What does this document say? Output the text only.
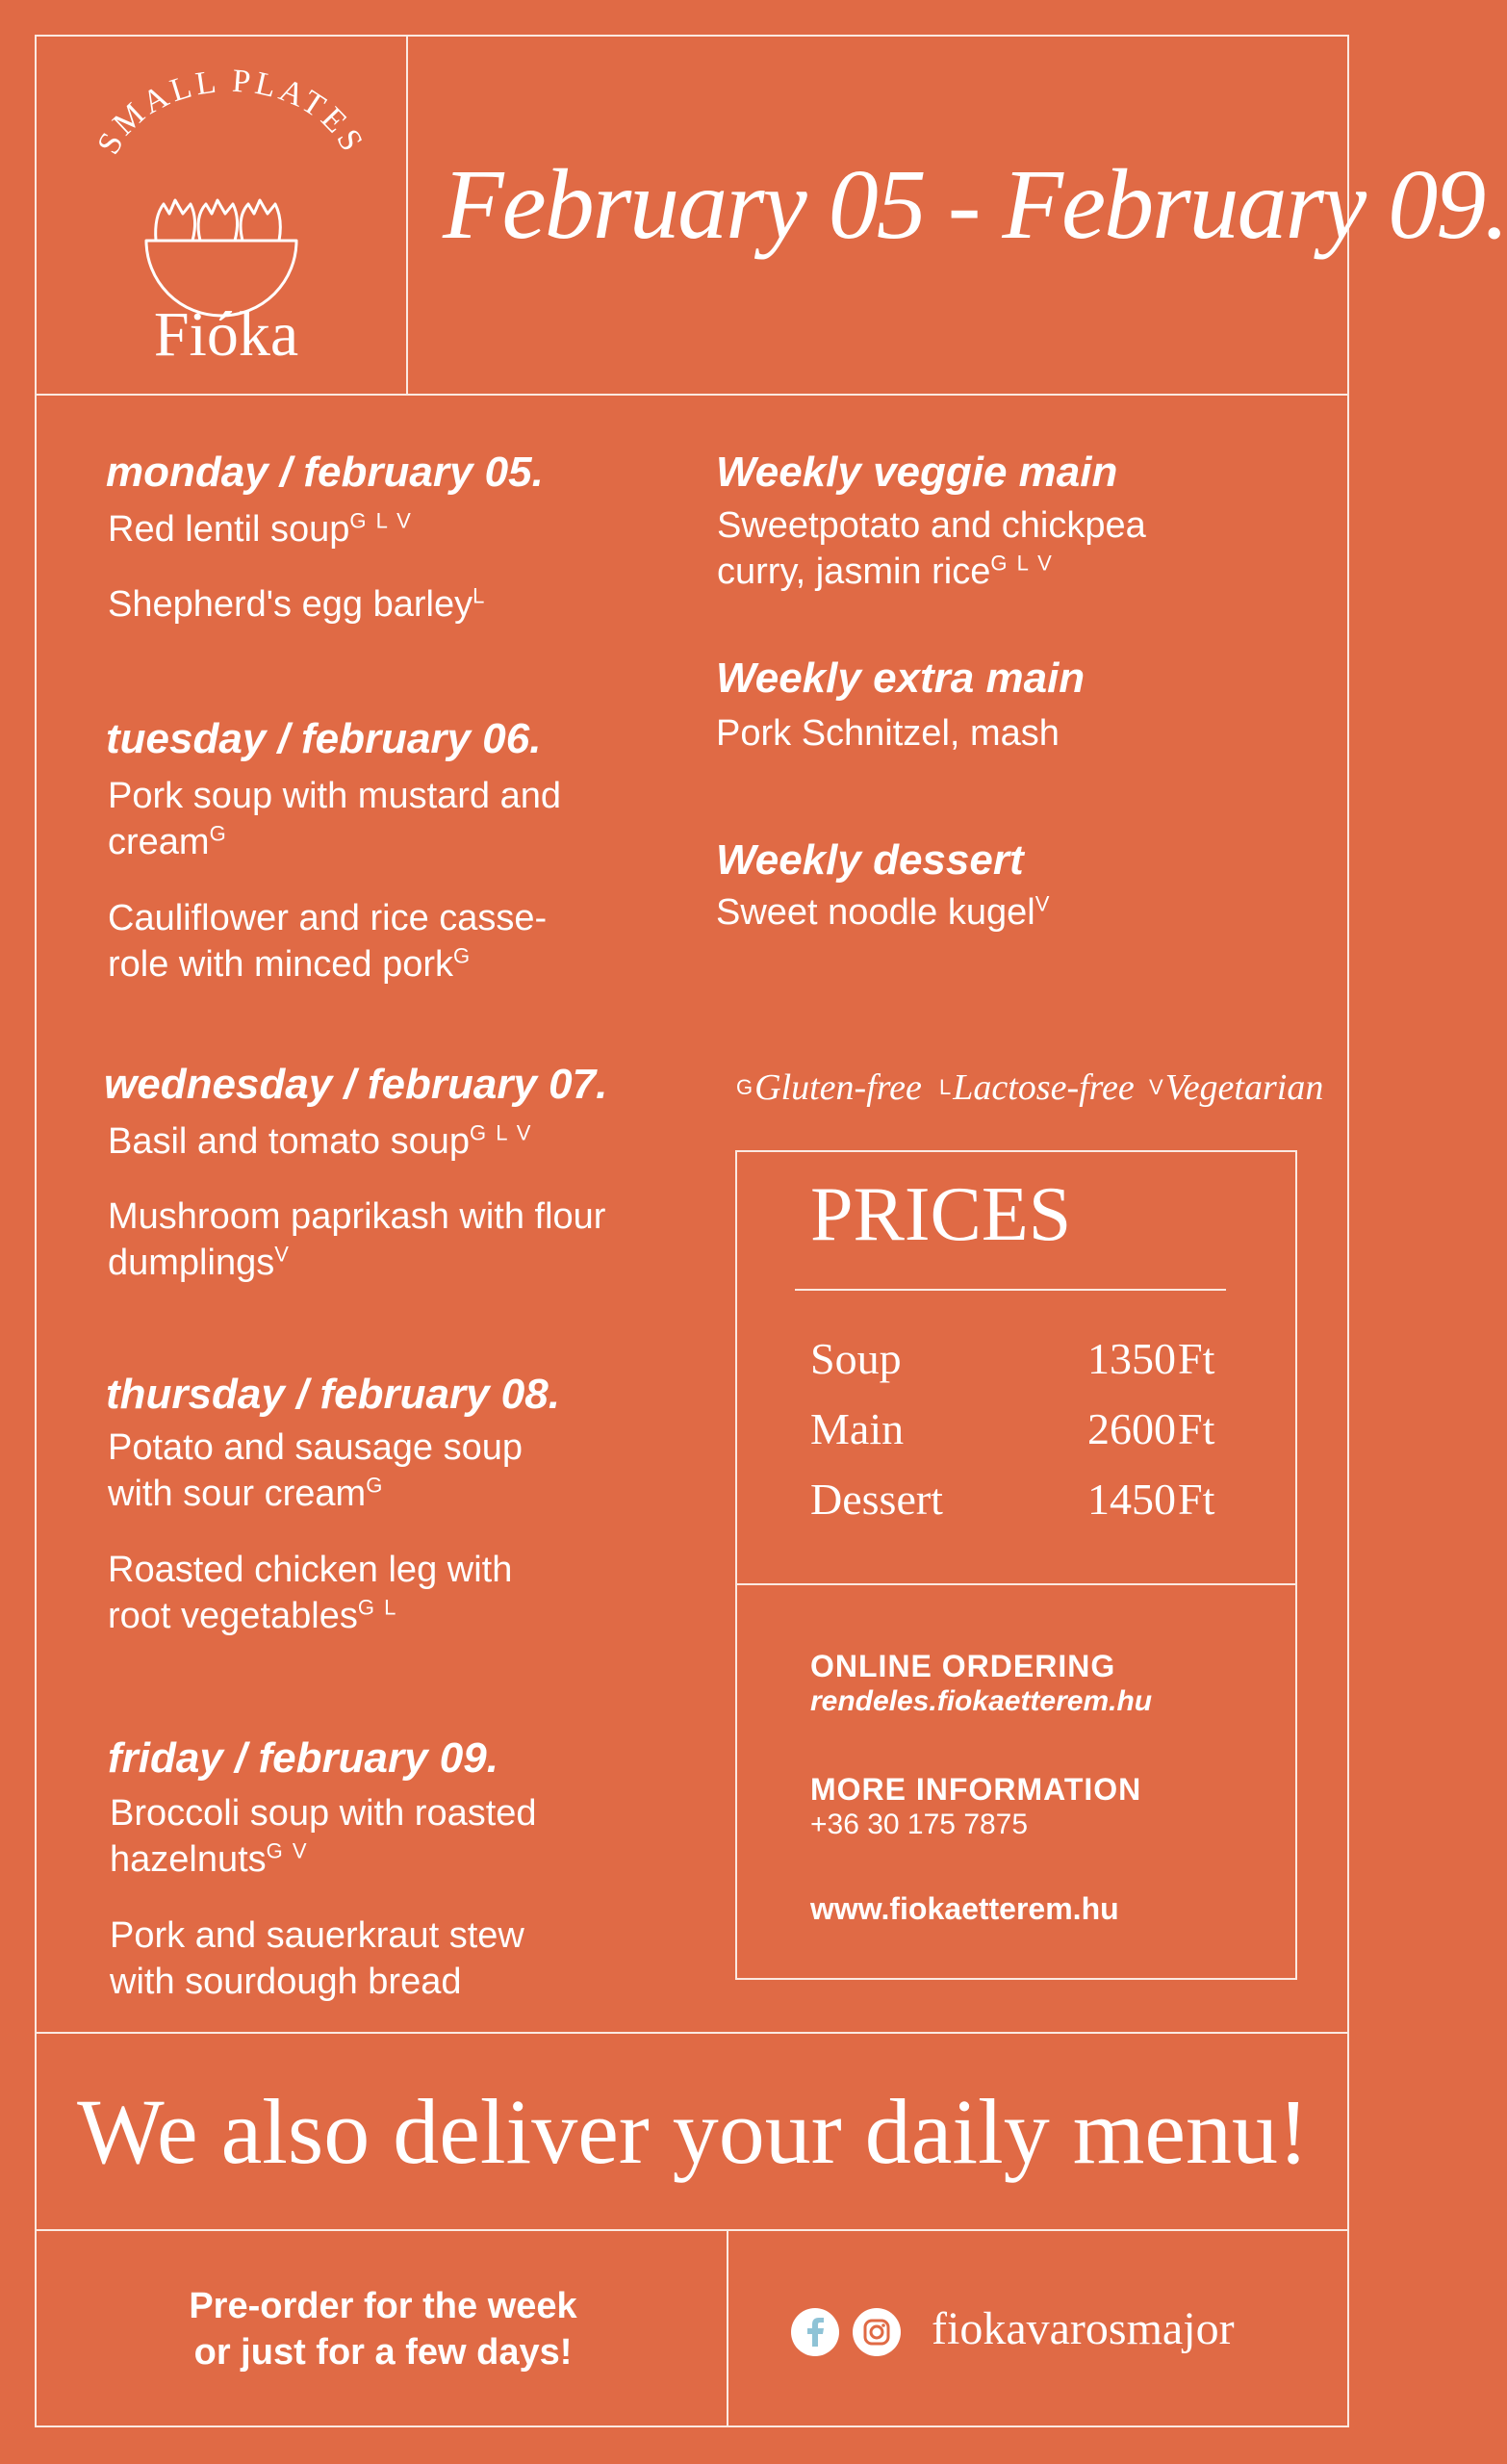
SMALL PLATES
Fióka
February 05 - February 09.
monday / february 05.
Red lentil soup$^{G L V}$
Shepherd's egg barley$^L$
tuesday / february 06.
Pork soup with mustard and
cream$^G$
Cauliflower and rice casse-
role with minced pork$^G$
wednesday / february 07.
Basil and tomato soup$^{G L V}$
Mushroom paprikash with flour
dumplings$^V$
thursday / february 08.
Potato and sausage soup
with sour cream$^G$
Roasted chicken leg with
root vegetables$^{G L}$
friday / february 09.
Broccoli soup with roasted
hazelnuts$^{G V}$
Pork and sauerkraut stew
with sourdough bread
Weekly veggie main
Sweetpotato and chickpea
curry, jasmin rice$^{G L V}$
Weekly extra main
Pork Schnitzel, mash
Weekly dessert
Sweet noodle kugel$^V$
$^G$Gluten-free $^L$Lactose-free $^V$Vegetarian
PRICES
Soup	1350 Ft
Main	2600 Ft
Dessert	1450 Ft
ONLINE ORDERING
rendeles.fiokaetterem.hu
MORE INFORMATION
+36 30 175 7875
www.fiokaetterem.hu
We also deliver your daily menu!
Pre-order for the week
or just for a few days!	fiokavarosmajor
